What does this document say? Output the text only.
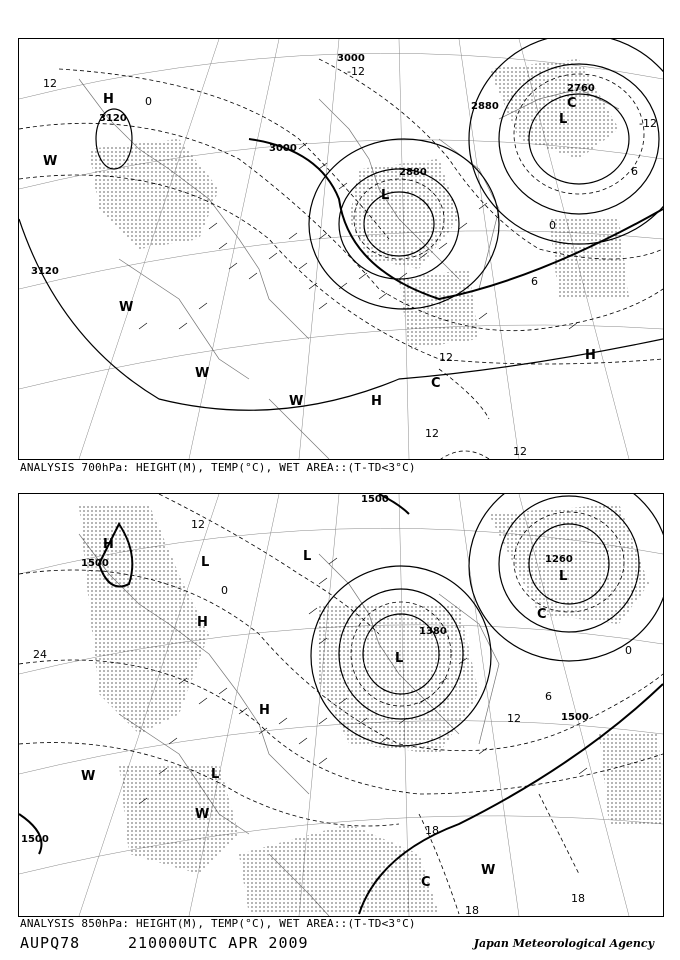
3120
3000
3000
2880
2880
2760
3120
12
0
-12
-12
0
6
12
6
12
12
H
L
L
C
C
W
W
W
W	H
H
ANALYSIS 700hPa: HEIGHT(M), TEMP(°C), WET AREA::(T-TD<3°C)
1500
1500
1380
1260
1500
1500
12
24	0
6
12
18
18
18
0
H
L
H
L
H
L
L
C
C
W
W
W
L
ANALYSIS 850hPa: HEIGHT(M), TEMP(°C), WET AREA::(T-TD<3°C)
AUPQ78	210000UTC APR 2009	Japan Meteorological Agency
